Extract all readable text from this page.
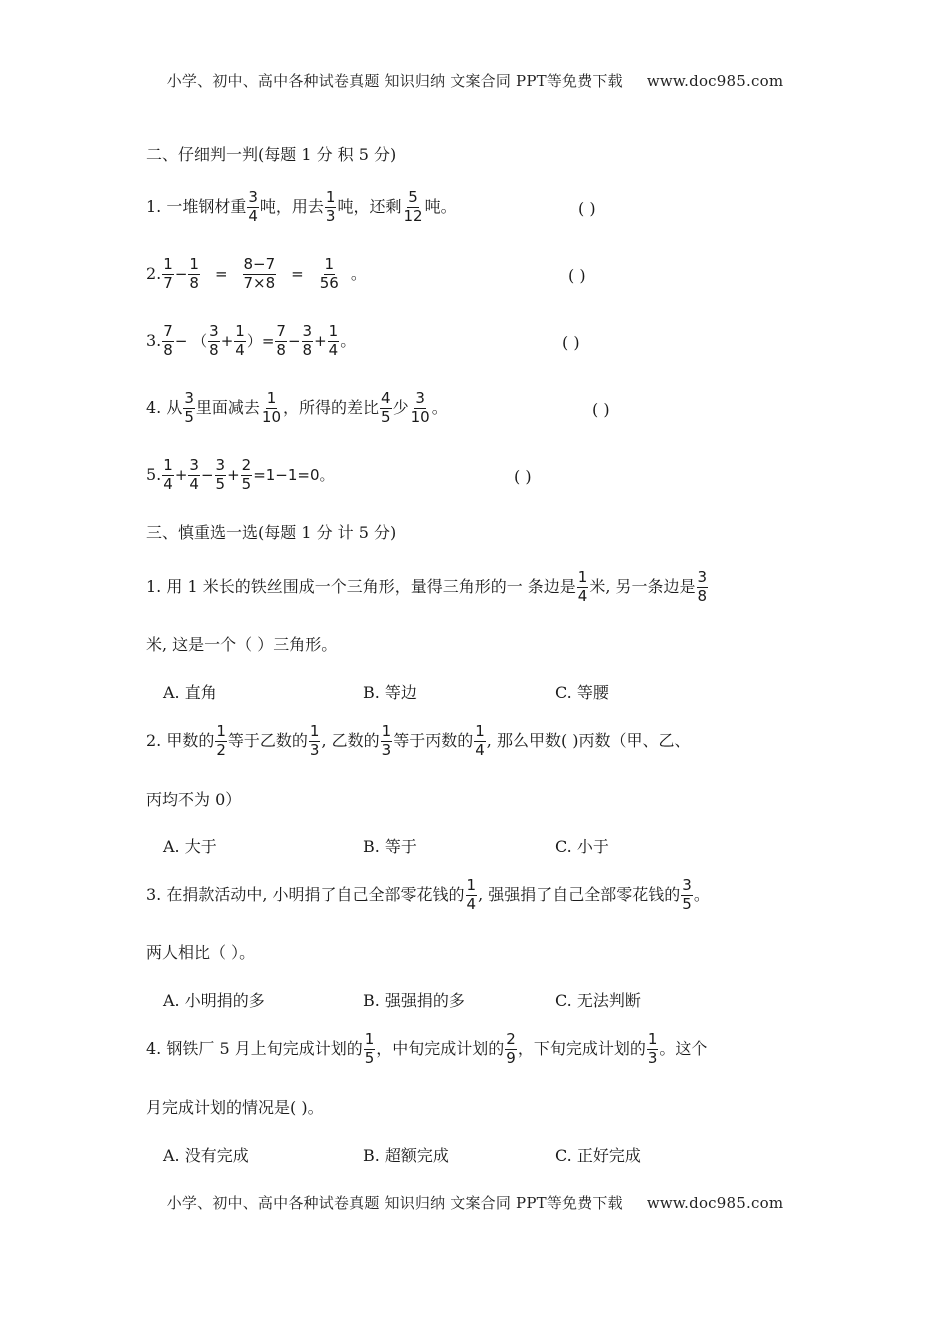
小学、初中、高中各种试卷真题 知识归纳 文案合同 PPT等免费下载 www.doc985.com
二、仔细判一判(每题 1 分 积 5 分)
1. 一堆钢材重 $\frac{3}{4}$ 吨，用去 $\frac{1}{3}$ 吨，还剩 $\frac{5}{12}$ 吨。	( )
2. $\frac{1}{7} - \frac{1}{8} = \frac{8-7}{7\times 8} = \frac{1}{56}$ 。	( )
3. $\frac{7}{8}$ − （ $\frac{3}{8} + \frac{1}{4}$ ）= $\frac{7}{8} - \frac{3}{8} + \frac{1}{4}$ 。	( )
4. 从 $\frac{3}{5}$ 里面减去 $\frac{1}{10}$ ，所得的差比 $\frac{4}{5}$ 少 $\frac{3}{10}$ 。	( )
5. $\frac{1}{4} + \frac{3}{4} - \frac{3}{5} + \frac{2}{5} =1-1=0$。	( )
三、慎重选一选(每题 1 分 计 5 分)
1. 用 1 米长的铁丝围成一个三角形，量得三角形的一 条边是 $\frac{1}{4}$ 米, 另一条边是 $\frac{3}{8}$
米, 这是一个（ ）三角形。
A. 直角	B. 等边	C. 等腰
2. 甲数的 $\frac{1}{2}$ 等于乙数的 $\frac{1}{3}$ , 乙数的 $\frac{1}{3}$ 等于丙数的 $\frac{1}{4}$ , 那么甲数( )丙数（甲、乙、
丙均不为 0）
A. 大于	B. 等于	C. 小于
3. 在捐款活动中, 小明捐了自己全部零花钱的 $\frac{1}{4}$ , 强强捐了自己全部零花钱的 $\frac{3}{5}$ 。
两人相比（ ）。
A. 小明捐的多	B. 强强捐的多	C. 无法判断
4. 钢铁厂 5 月上旬完成计划的 $\frac{1}{5}$ ，中旬完成计划的 $\frac{2}{9}$ ，下旬完成计划的 $\frac{1}{3}$ 。这个
月完成计划的情况是( )。
A. 没有完成	B. 超额完成	C. 正好完成
小学、初中、高中各种试卷真题 知识归纳 文案合同 PPT等免费下载 www.doc985.com
